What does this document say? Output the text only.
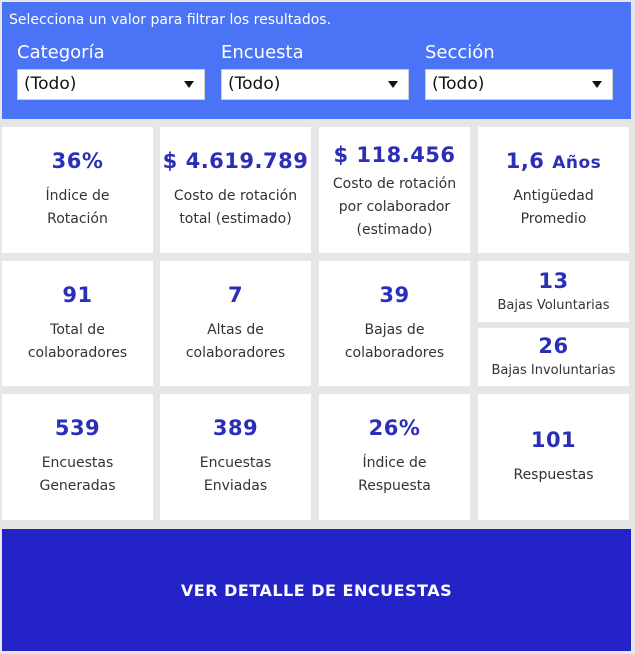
Selecciona un valor para filtrar los resultados.
Categoría
(Todo)
Encuesta
(Todo)
Sección
(Todo)
36%
Índice de
Rotación
$ 4.619.789
Costo de rotación
total (estimado)
$ 118.456
Costo de rotación
por colaborador
(estimado)
1,6 Años
Antigüedad
Promedio
91
Total de
colaboradores
7
Altas de
colaboradores
39
Bajas de
colaboradores
13
Bajas Voluntarias
26
Bajas Involuntarias
539
Encuestas
Generadas
389
Encuestas
Enviadas
26%
Índice de
Respuesta
101
Respuestas
VER DETALLE DE ENCUESTAS
